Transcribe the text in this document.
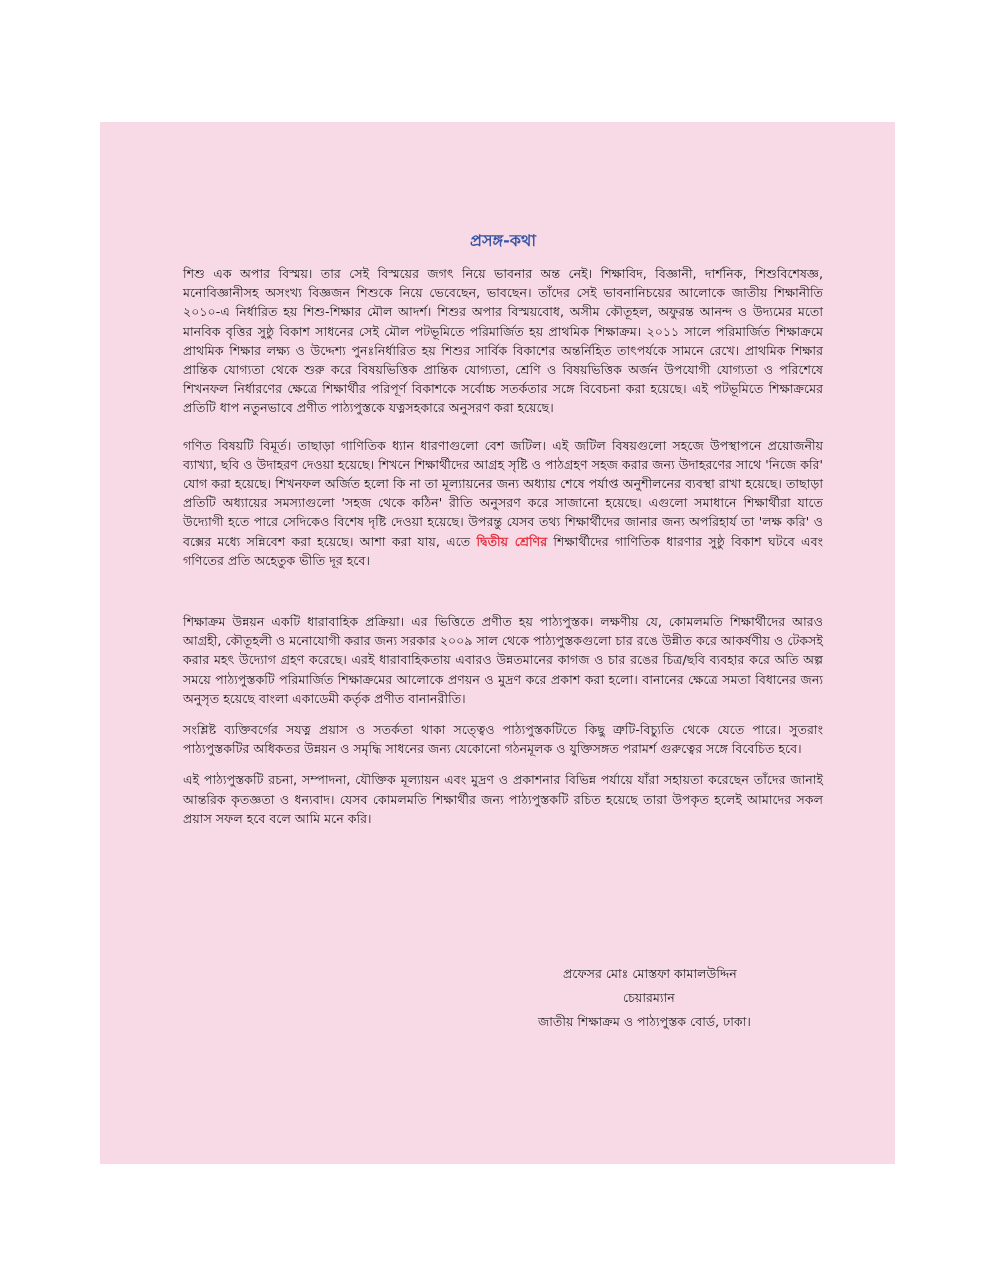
প্রসঙ্গ-কথা

শিশু এক অপার বিস্ময়। তার সেই বিস্ময়ের জগৎ নিয়ে ভাবনার অন্ত নেই। শিক্ষাবিদ, বিজ্ঞানী, দার্শনিক, শিশুবিশেষজ্ঞ, মনোবিজ্ঞানীসহ অসংখ্য বিজ্ঞজন শিশুকে নিয়ে ভেবেছেন, ভাবছেন। তাঁদের সেই ভাবনানিচয়ের আলোকে জাতীয় শিক্ষানীতি ২০১০-এ নির্ধারিত হয় শিশু-শিক্ষার মৌল আদর্শ। শিশুর অপার বিস্ময়বোধ, অসীম কৌতূহল, অফুরন্ত আনন্দ ও উদ্যমের মতো মানবিক বৃত্তির সুষ্ঠু বিকাশ সাধনের সেই মৌল পটভূমিতে পরিমার্জিত হয় প্রাথমিক শিক্ষাক্রম। ২০১১ সালে পরিমার্জিত শিক্ষাক্রমে প্রাথমিক শিক্ষার লক্ষ্য ও উদ্দেশ্য পুনঃনির্ধারিত হয় শিশুর সার্বিক বিকাশের অন্তর্নিহিত তাৎপর্যকে সামনে রেখে। প্রাথমিক শিক্ষার প্রান্তিক যোগ্যতা থেকে শুরু করে বিষয়ভিত্তিক প্রান্তিক যোগ্যতা, শ্রেণি ও বিষয়ভিত্তিক অর্জন উপযোগী যোগ্যতা ও পরিশেষে শিখনফল নির্ধারণের ক্ষেত্রে শিক্ষার্থীর পরিপূর্ণ বিকাশকে সর্বোচ্চ সতর্কতার সঙ্গে বিবেচনা করা হয়েছে। এই পটভূমিতে শিক্ষাক্রমের প্রতিটি ধাপ নতুনভাবে প্রণীত পাঠ্যপুস্তকে যত্নসহকারে অনুসরণ করা হয়েছে।

গণিত বিষয়টি বিমূর্ত। তাছাড়া গাণিতিক ধ্যান ধারণাগুলো বেশ জটিল। এই জটিল বিষয়গুলো সহজে উপস্থাপনে প্রয়োজনীয় ব্যাখ্যা, ছবি ও উদাহরণ দেওয়া হয়েছে। শিখনে শিক্ষার্থীদের আগ্রহ সৃষ্টি ও পাঠগ্রহণ সহজ করার জন্য উদাহরণের সাথে 'নিজে করি' যোগ করা হয়েছে। শিখনফল অর্জিত হলো কি না তা মূল্যায়নের জন্য অধ্যায় শেষে পর্যাপ্ত অনুশীলনের ব্যবস্থা রাখা হয়েছে। তাছাড়া প্রতিটি অধ্যায়ের সমস্যাগুলো 'সহজ থেকে কঠিন' রীতি অনুসরণ করে সাজানো হয়েছে। এগুলো সমাধানে শিক্ষার্থীরা যাতে উদ্যোগী হতে পারে সেদিকেও বিশেষ দৃষ্টি দেওয়া হয়েছে। উপরন্তু যেসব তথ্য শিক্ষার্থীদের জানার জন্য অপরিহার্য তা 'লক্ষ করি' ও বক্সের মধ্যে সন্নিবেশ করা হয়েছে। আশা করা যায়, এতে দ্বিতীয় শ্রেণির শিক্ষার্থীদের গাণিতিক ধারণার সুষ্ঠু বিকাশ ঘটবে এবং গণিতের প্রতি অহেতুক ভীতি দূর হবে।

শিক্ষাক্রম উন্নয়ন একটি ধারাবাহিক প্রক্রিয়া। এর ভিত্তিতে প্রণীত হয় পাঠ্যপুস্তক। লক্ষণীয় যে, কোমলমতি শিক্ষার্থীদের আরও আগ্রহী, কৌতূহলী ও মনোযোগী করার জন্য সরকার ২০০৯ সাল থেকে পাঠ্যপুস্তকগুলো চার রঙে উন্নীত করে আকর্ষণীয় ও টেকসই করার মহৎ উদ্যোগ গ্রহণ করেছে। এরই ধারাবাহিকতায় এবারও উন্নতমানের কাগজ ও চার রঙের চিত্র/ছবি ব্যবহার করে অতি অল্প সময়ে পাঠ্যপুস্তকটি পরিমার্জিত শিক্ষাক্রমের আলোকে প্রণয়ন ও মুদ্রণ করে প্রকাশ করা হলো। বানানের ক্ষেত্রে সমতা বিধানের জন্য অনুসৃত হয়েছে বাংলা একাডেমী কর্তৃক প্রণীত বানানরীতি।

সংশ্লিষ্ট ব্যক্তিবর্গের সযত্ন প্রয়াস ও সতর্কতা থাকা সত্ত্বেও পাঠ্যপুস্তকটিতে কিছু ত্রুটি-বিচ্যুতি থেকে যেতে পারে। সুতরাং পাঠ্যপুস্তকটির অধিকতর উন্নয়ন ও সমৃদ্ধি সাধনের জন্য যেকোনো গঠনমূলক ও যুক্তিসঙ্গত পরামর্শ গুরুত্বের সঙ্গে বিবেচিত হবে।

এই পাঠ্যপুস্তকটি রচনা, সম্পাদনা, যৌক্তিক মূল্যায়ন এবং মুদ্রণ ও প্রকাশনার বিভিন্ন পর্যায়ে যাঁরা সহায়তা করেছেন তাঁদের জানাই আন্তরিক কৃতজ্ঞতা ও ধন্যবাদ। যেসব কোমলমতি শিক্ষার্থীর জন্য পাঠ্যপুস্তকটি রচিত হয়েছে তারা উপকৃত হলেই আমাদের সকল প্রয়াস সফল হবে বলে আমি মনে করি।

প্রফেসর মোঃ মোস্তফা কামালউদ্দিন
চেয়ারম্যান
জাতীয় শিক্ষাক্রম ও পাঠ্যপুস্তক বোর্ড, ঢাকা।
